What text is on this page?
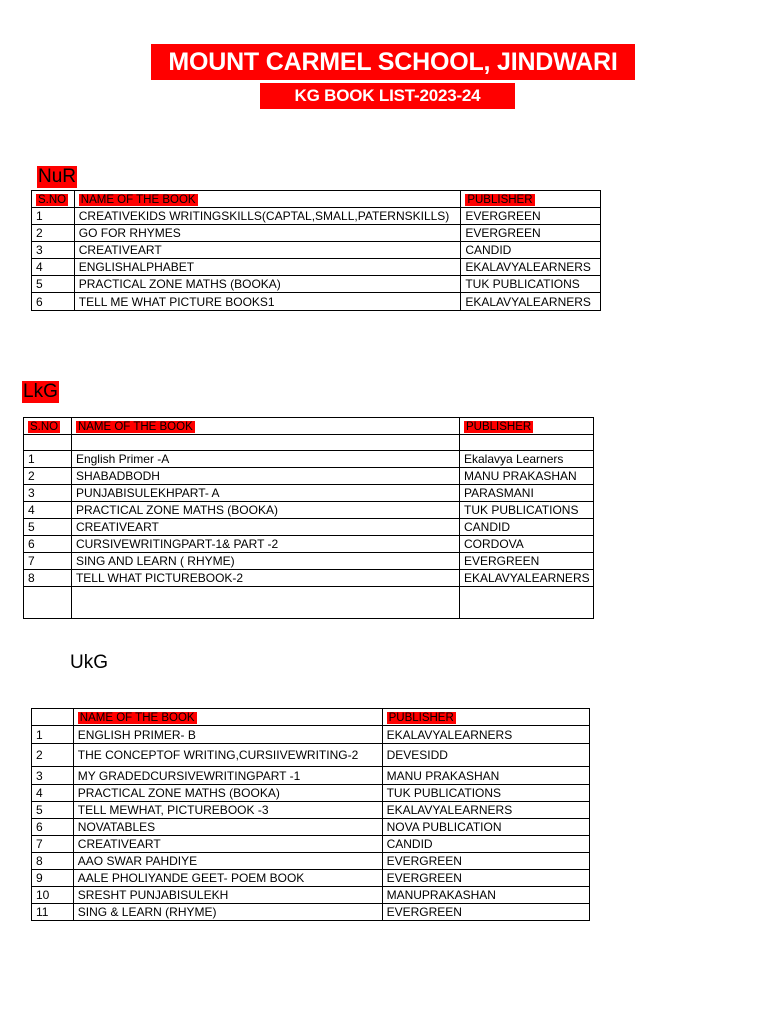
MOUNT CARMEL SCHOOL, JINDWARI
KG BOOK LIST-2023-24
NuR
S.NO	NAME OF THE BOOK	PUBLISHER
1	CREATIVEKIDS WRITINGSKILLS(CAPTAL,SMALL,PATERNSKILLS)	EVERGREEN
2	GO FOR RHYMES	EVERGREEN
3	CREATIVEART	CANDID
4	ENGLISHALPHABET	EKALAVYALEARNERS
5	PRACTICAL ZONE MATHS (BOOKA)	TUK PUBLICATIONS
6	TELL ME WHAT PICTURE BOOKS1	EKALAVYALEARNERS
LkG
S.NO	NAME OF THE BOOK	PUBLISHER

1	English Primer -A	Ekalavya Learners
2	SHABADBODH	MANU PRAKASHAN
3	PUNJABISULEKHPART- A	PARASMANI
4	PRACTICAL ZONE MATHS (BOOKA)	TUK PUBLICATIONS
5	CREATIVEART	CANDID
6	CURSIVEWRITINGPART-1& PART -2	CORDOVA
7	SING AND LEARN ( RHYME)	EVERGREEN
8	TELL WHAT PICTUREBOOK-2	EKALAVYALEARNERS

UkG
	NAME OF THE BOOK	PUBLISHER
1	ENGLISH PRIMER- B	EKALAVYALEARNERS
2	THE CONCEPTOF WRITING,CURSIIVEWRITING-2	DEVESIDD
3	MY GRADEDCURSIVEWRITINGPART -1	MANU PRAKASHAN
4	PRACTICAL ZONE MATHS (BOOKA)	TUK PUBLICATIONS
5	TELL MEWHAT, PICTUREBOOK -3	EKALAVYALEARNERS
6	NOVATABLES	NOVA PUBLICATION
7	CREATIVEART	CANDID
8	AAO SWAR PAHDIYE	EVERGREEN
9	AALE PHOLIYANDE GEET- POEM BOOK	EVERGREEN
10	SRESHT PUNJABISULEKH	MANUPRAKASHAN
11	SING & LEARN (RHYME)	EVERGREEN
